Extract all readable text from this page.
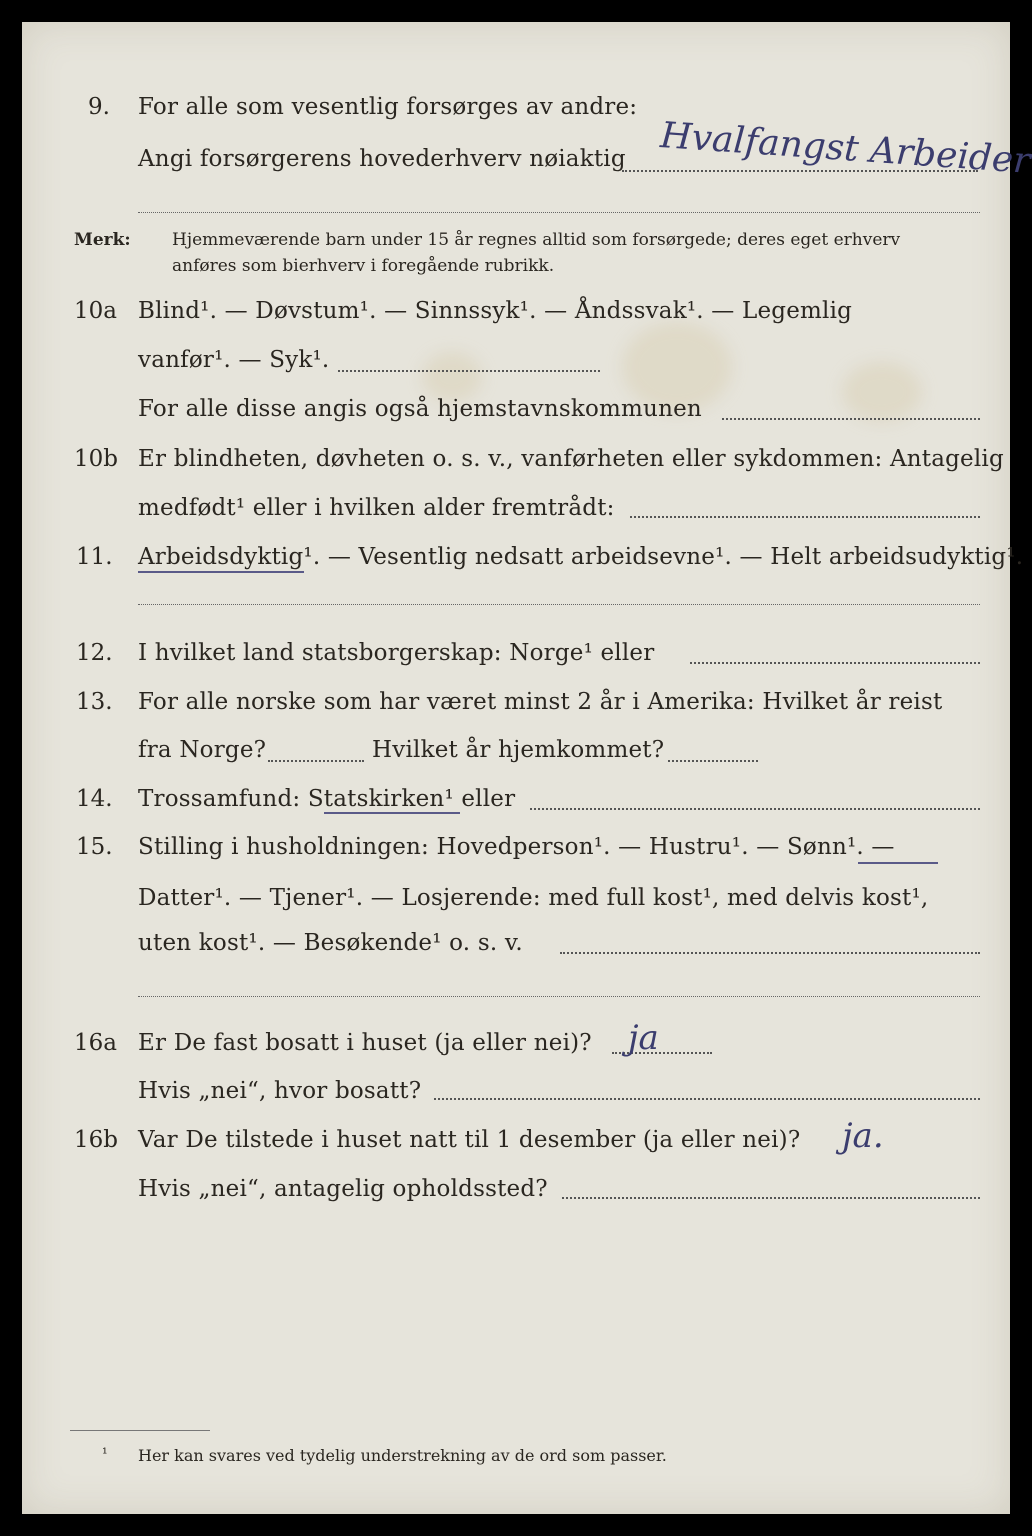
9. For alle som vesentlig forsørges av andre:
Angi forsørgerens hovederhverv nøiaktig Hvalfangst Arbeider
Merk: Hjemmeværende barn under 15 år regnes alltid som forsørgede; deres eget erhverv
anføres som bierhverv i foregående rubrikk.
10a Blind¹. — Døvstum¹. — Sinnssyk¹. — Åndssvak¹. — Legemlig
vanfør¹. — Syk¹.
For alle disse angis også hjemstavnskommunen
10b Er blindheten, døvheten o. s. v., vanførheten eller sykdommen: Antagelig
medfødt¹ eller i hvilken alder fremtrådt:
11. Arbeidsdyktig¹. — Vesentlig nedsatt arbeidsevne¹. — Helt arbeidsudyktig¹.
12. I hvilket land statsborgerskap: Norge¹ eller
13. For alle norske som har været minst 2 år i Amerika: Hvilket år reist
fra Norge?	Hvilket år hjemkommet?
14. Trossamfund: Statskirken¹ eller
15. Stilling i husholdningen: Hovedperson¹. — Hustru¹. — Sønn¹. —
Datter¹. — Tjener¹. — Losjerende: med full kost¹, med delvis kost¹,
uten kost¹. — Besøkende¹ o. s. v.
16a Er De fast bosatt i huset (ja eller nei)? ja
Hvis „nei“, hvor bosatt?
16b Var De tilstede i huset natt til 1 desember (ja eller nei)? ja.
Hvis „nei“, antagelig opholdssted?
¹ Her kan svares ved tydelig understrekning av de ord som passer.
